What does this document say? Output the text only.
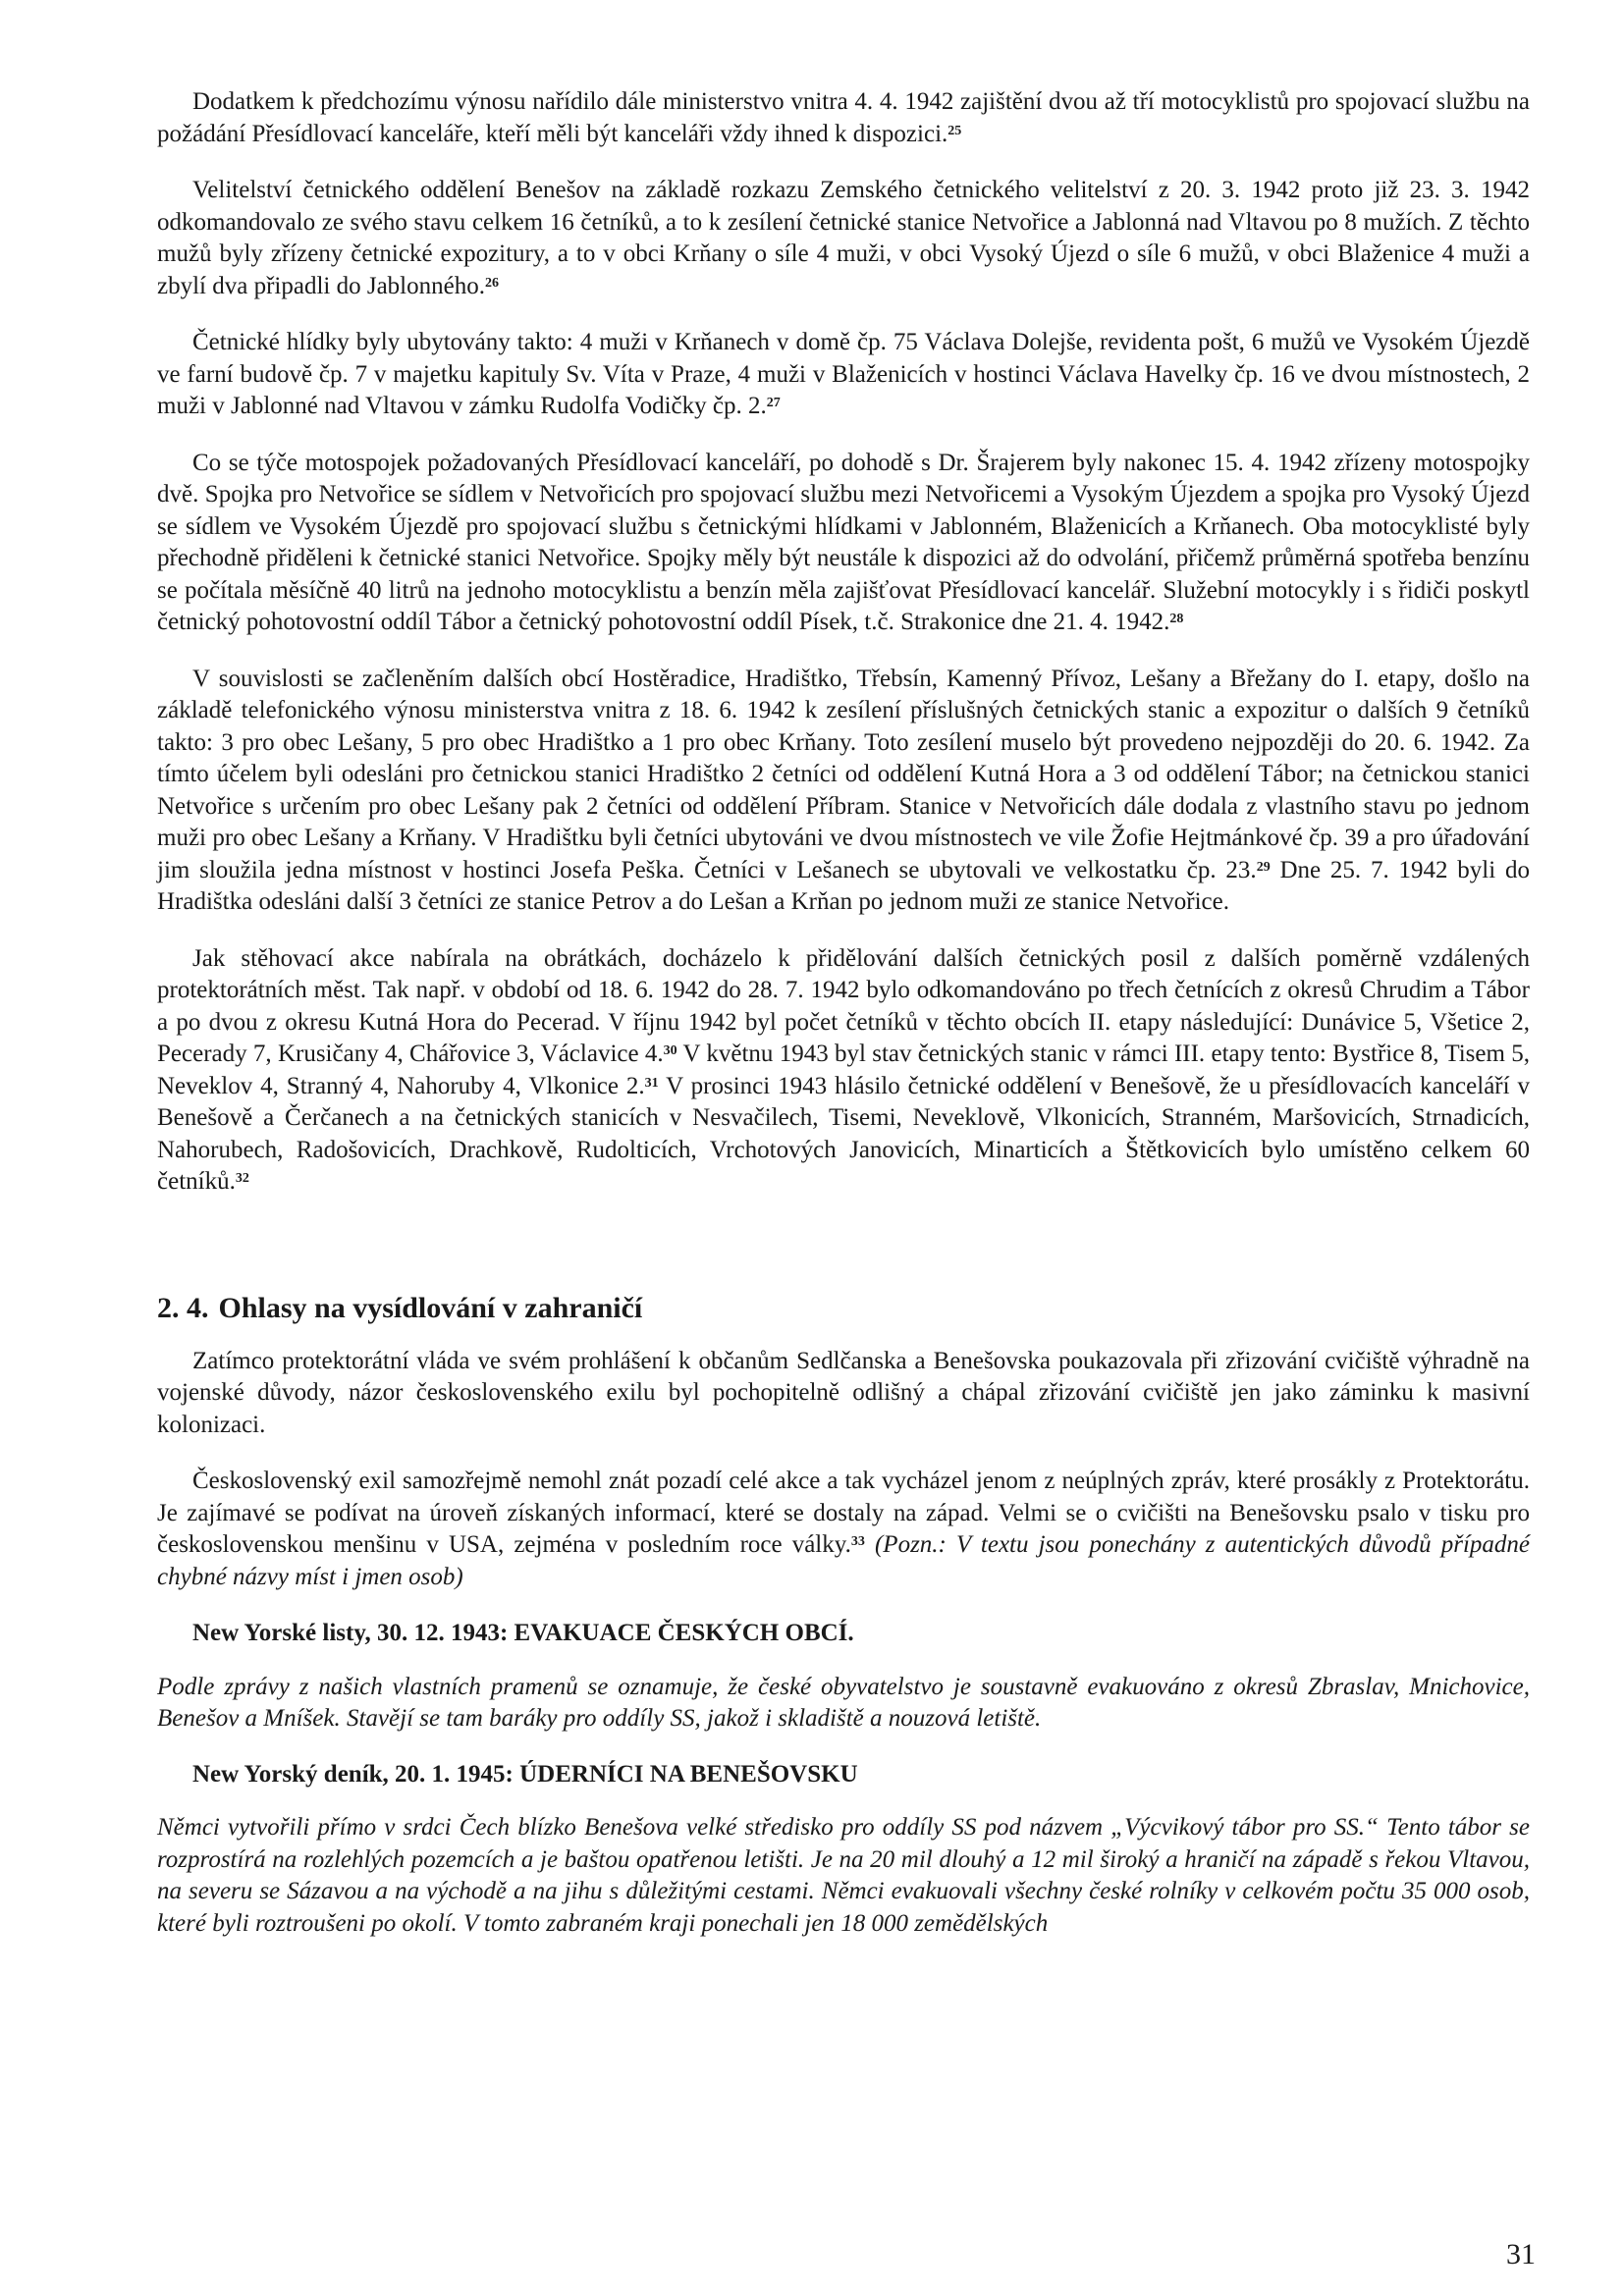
Dodatkem k předchozímu výnosu nařídilo dále ministerstvo vnitra 4. 4. 1942 zajištění dvou až tří motocyklistů pro spojovací službu na požádání Přesídlovací kanceláře, kteří měli být kanceláři vždy ihned k dispozici.$^{25}$

Velitelství četnického oddělení Benešov na základě rozkazu Zemského četnického velitelství z 20. 3. 1942 proto již 23. 3. 1942 odkomandovalo ze svého stavu celkem 16 četníků, a to k zesílení četnické stanice Netvořice a Jablonná nad Vltavou po 8 mužích. Z těchto mužů byly zřízeny četnické expozitury, a to v obci Krňany o síle 4 muži, v obci Vysoký Újezd o síle 6 mužů, v obci Blaženice 4 muži a zbylí dva připadli do Jablonného.$^{26}$

Četnické hlídky byly ubytovány takto: 4 muži v Krňanech v domě čp. 75 Václava Dolejše, revidenta pošt, 6 mužů ve Vysokém Újezdě ve farní budově čp. 7 v majetku kapituly Sv. Víta v Praze, 4 muži v Blaženicích v hostinci Václava Havelky čp. 16 ve dvou místnostech, 2 muži v Jablonné nad Vltavou v zámku Rudolfa Vodičky čp. 2.27

Co se týče motospojek požadovaných Přesídlovací kanceláří, po dohodě s Dr. Šrajerem byly nakonec 15. 4. 1942 zřízeny motospojky dvě. Spojka pro Netvořice se sídlem v Netvořicích pro spojovací službu mezi Netvořicemi a Vysokým Újezdem a spojka pro Vysoký Újezd se sídlem ve Vysokém Újezdě pro spojovací službu s četnickými hlídkami v Jablonném, Blaženicích a Krňanech. Oba motocyklisté byly přechodně přiděleni k četnické stanici Netvořice. Spojky měly být neustále k dispozici až do odvolání, přičemž průměrná spotřeba benzínu se počítala měsíčně 40 litrů na jednoho motocyklistu a benzín měla zajišťovat Přesídlovací kancelář. Služební motocykly i s řidiči poskytl četnický pohotovostní oddíl Tábor a četnický pohotovostní oddíl Písek, t.č. Strakonice dne 21. 4. 1942.28

V souvislosti se začleněním dalších obcí Hostěradice, Hradištko, Třebsín, Kamenný Přívoz, Lešany a Břežany do I. etapy, došlo na základě telefonického výnosu ministerstva vnitra z 18. 6. 1942 k zesílení příslušných četnických stanic a expozitur o dalších 9 četníků takto: 3 pro obec Lešany, 5 pro obec Hradištko a 1 pro obec Krňany. Toto zesílení muselo být provedeno nejpozději do 20. 6. 1942. Za tímto účelem byli odesláni pro četnickou stanici Hradištko 2 četníci od oddělení Kutná Hora a 3 od oddělení Tábor; na četnickou stanici Netvořice s určením pro obec Lešany pak 2 četníci od oddělení Příbram. Stanice v Netvořicích dále dodala z vlastního stavu po jednom muži pro obec Lešany a Krňany. V Hradištku byli četníci ubytováni ve dvou místnostech ve vile Žofie Hejtmánkové čp. 39 a pro úřadování jim sloužila jedna místnost v hostinci Josefa Peška. Četníci v Lešanech se ubytovali ve velkostatku čp. 23.29 Dne 25. 7. 1942 byli do Hradištka odesláni další 3 četníci ze stanice Petrov a do Lešan a Krňan po jednom muži ze stanice Netvořice.

Jak stěhovací akce nabírala na obrátkách, docházelo k přidělování dalších četnických posil z dalších poměrně vzdálených protektorátních měst. Tak např. v období od 18. 6. 1942 do 28. 7. 1942 bylo odkomandováno po třech četnících z okresů Chrudim a Tábor a po dvou z okresu Kutná Hora do Pecerad. V říjnu 1942 byl počet četníků v těchto obcích II. etapy následující: Dunávice 5, Všetice 2, Pecerady 7, Krusičany 4, Chářovice 3, Václavice 4.30 V květnu 1943 byl stav četnických stanic v rámci III. etapy tento: Bystřice 8, Tisem 5, Neveklov 4, Stranný 4, Nahoruby 4, Vlkonice 2.31 V prosinci 1943 hlásilo četnické oddělení v Benešově, že u přesídlovacích kanceláří v Benešově a Čerčanech a na četnických stanicích v Nesvačilech, Tisemi, Neveklově, Vlkonicích, Stranném, Maršovicích, Strnadicích, Nahorubech, Radošovicích, Drachkově, Rudolticích, Vrchotových Janovicích, Minarticích a Štětkovicích bylo umístěno celkem 60 četníků.$^{32}$

2. 4. Ohlasy na vysídlování v zahraničí

Zatímco protektorátní vláda ve svém prohlášení k občanům Sedlčanska a Benešovska poukazovala při zřizování cvičiště výhradně na vojenské důvody, názor československého exilu byl pochopitelně odlišný a chápal zřizování cvičiště jen jako záminku k masivní kolonizaci.

Československý exil samozřejmě nemohl znát pozadí celé akce a tak vycházel jenom z neúplných zpráv, které prosákly z Protektorátu. Je zajímavé se podívat na úroveň získaných informací, které se dostaly na západ. Velmi se o cvičišti na Benešovsku psalo v tisku pro československou menšinu v USA, zejména v posledním roce války.$^{33}$ (Pozn.: V textu jsou ponechány z autentických důvodů případné chybné názvy míst i jmen osob)

New Yorské listy, 30. 12. 1943: EVAKUACE ČESKÝCH OBCÍ.

Podle zprávy z našich vlastních pramenů se oznamuje, že české obyvatelstvo je soustavně evakuováno z okresů Zbraslav, Mnichovice, Benešov a Mníšek. Stavějí se tam baráky pro oddíly SS, jakož i skladiště a nouzová letiště.

New Yorský deník, 20. 1. 1945: ÚDERNÍCI NA BENEŠOVSKU

Němci vytvořili přímo v srdci Čech blízko Benešova velké středisko pro oddíly SS pod názvem „Výcvikový tábor pro SS.“ Tento tábor se rozprostírá na rozlehlých pozemcích a je baštou opatřenou letišti. Je na 20 mil dlouhý a 12 mil široký a hraničí na západě s řekou Vltavou, na severu se Sázavou a na východě a na jihu s důležitými cestami. Němci evakuovali všechny české rolníky v celkovém počtu 35 000 osob, které byli roztroušeni po okolí. V tomto zabraném kraji ponechali jen 18 000 zemědělských

31
